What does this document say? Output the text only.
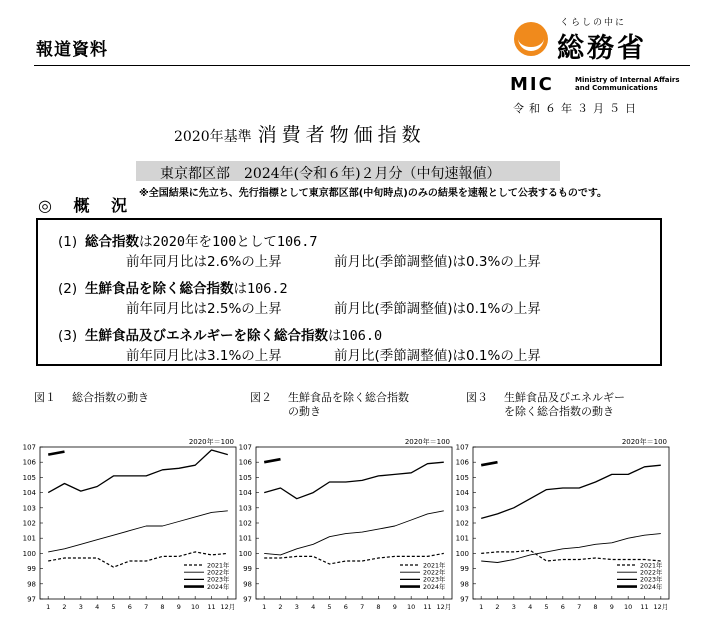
報道資料
くらしの中に
総務省
MIC	Ministry of Internal Affairs
and Communications
令和６年３月５日
2020年基準 消費者物価指数
東京都区部　2024年(令和６年)２月分（中旬速報値）
※全国結果に先立ち、先行指標として東京都区部(中旬時点)のみの結果を速報として公表するものです。
◎ 概 況
(1) 総合指数は2020年を100として106.7
前年同月比は2.6%の上昇	前月比(季節調整値)は0.3%の上昇
(2) 生鮮食品を除く総合指数は106.2
前年同月比は2.5%の上昇	前月比(季節調整値)は0.1%の上昇
(3) 生鮮食品及びエネルギーを除く総合指数は106.0
前年同月比は3.1%の上昇	前月比(季節調整値)は0.1%の上昇
図１ 総合指数の動き	図２ 生鮮食品を除く総合指数
の動き
図３ 生鮮食品及びエネルギー
を除く総合指数の動き
2020年＝100
97
98
99
100
101
102
103
104
105
106
107
1 2 3 4 5 6 7 8 9 10 11 12月
2021年
2022年
2023年
2024年
2020年＝100
97
98
99
100
101
102
103
104
105
106
107
1 2 3 4 5 6 7 8 9 10 11 12月
2021年
2022年
2023年
2024年
2020年＝100
97
98
99
100
101
102
103
104
105
106
107
1 2 3 4 5 6 7 8 9 10 11 12月
2021年
2022年
2023年
2024年
